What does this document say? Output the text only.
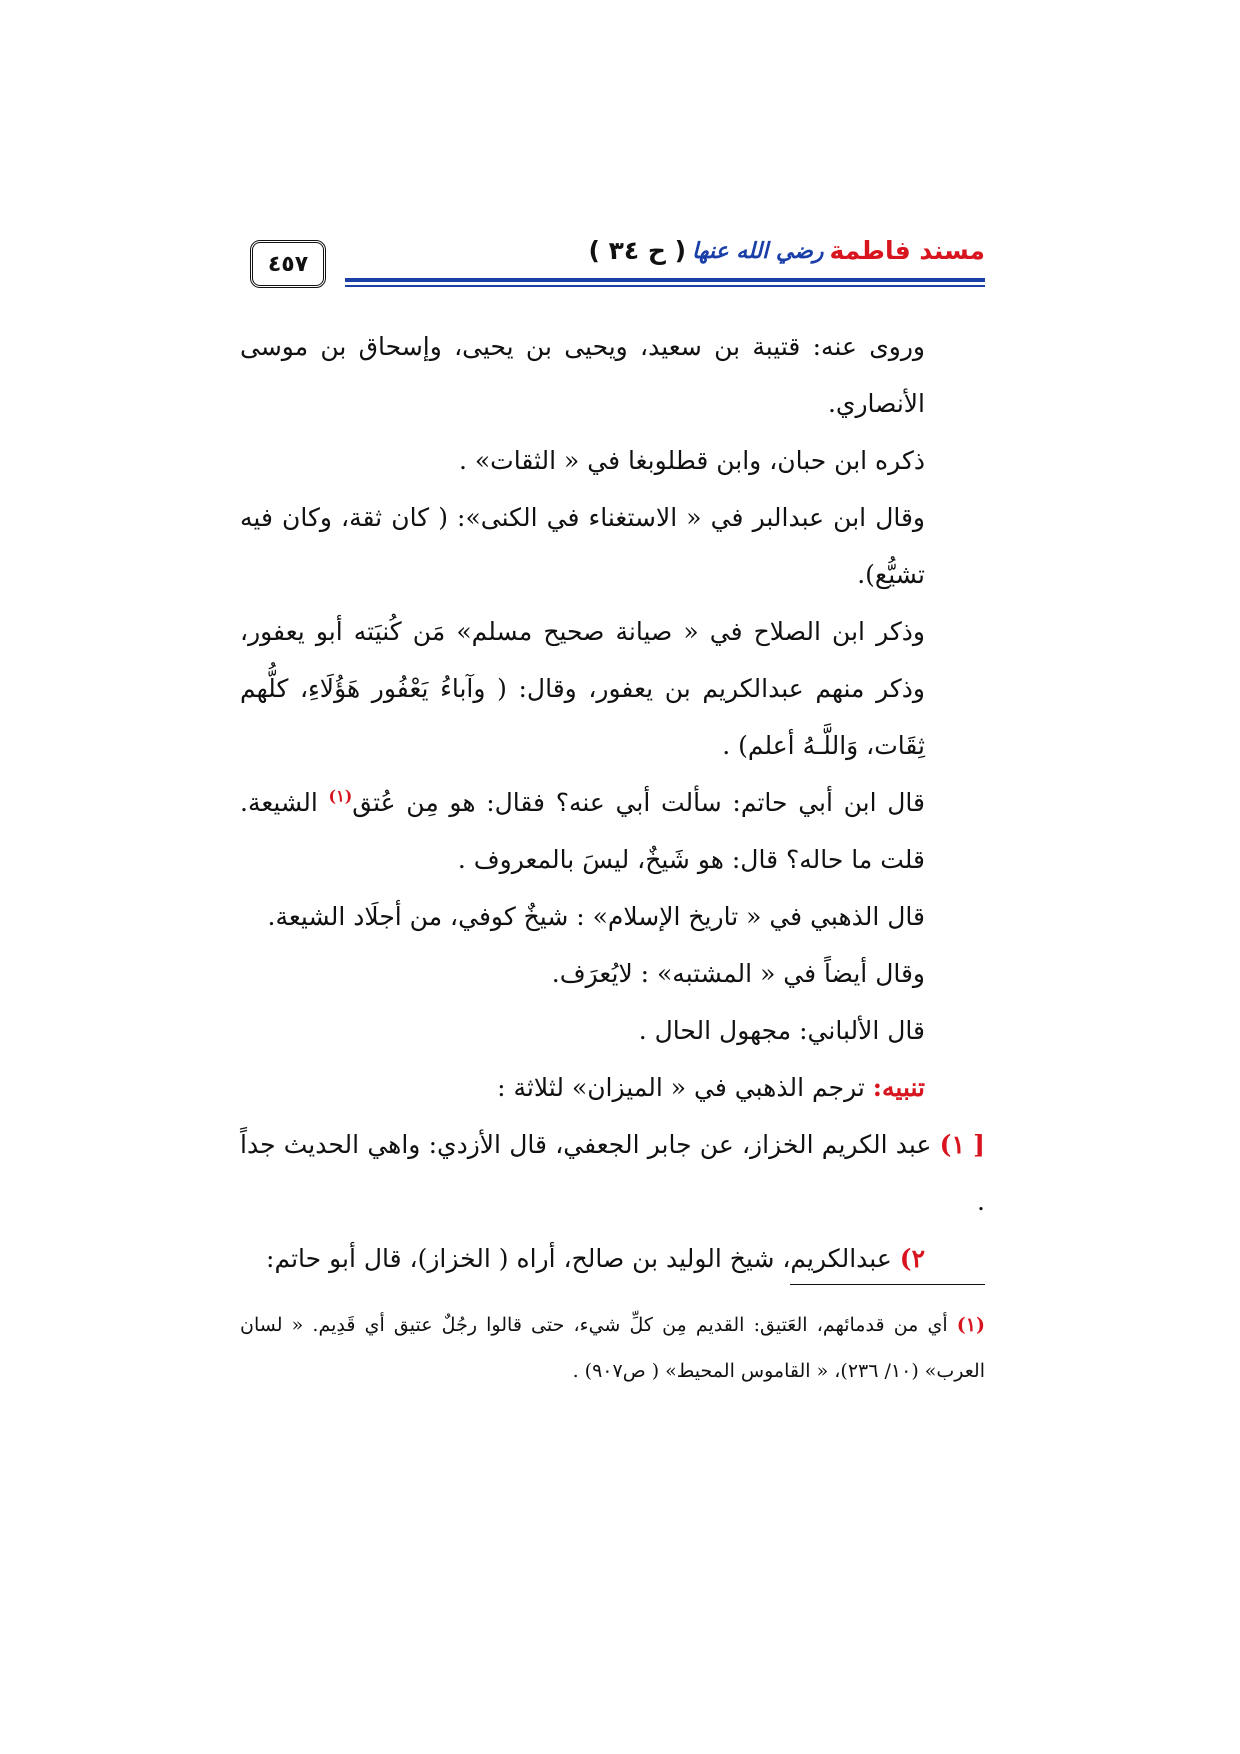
٤٥٧	مسند فاطمة
رضي الله عنها
( ح ٣٤ )

وروى عنه: قتيبة بن سعيد، ويحيى بن يحيى، وإسحاق بن موسى الأنصاري.

ذكره ابن حبان، وابن قطلوبغا في « الثقات» .

وقال ابن عبدالبر في « الاستغناء في الكنى»: ( كان ثقة، وكان فيه تشيُّع).

وذكر ابن الصلاح في « صيانة صحيح مسلم» مَن كُنيَته أبو يعفور، وذكر منهم عبدالكريم بن يعفور، وقال: ( وآباءُ يَعْفُور هَؤُلَاءِ، كلُّهم ثِقَات، وَاللَّـهُ أعلم) .

قال ابن أبي حاتم: سألت أبي عنه؟ فقال: هو مِن عُتق$^{(١)}$ الشيعة. قلت ما حاله؟ قال: هو شَيخٌ، ليسَ بالمعروف .

قال الذهبي في « تاريخ الإسلام» : شيخٌ كوفي، من أجلَاد الشيعة.

وقال أيضاً في « المشتبه» : لايُعرَف.

قال الألباني: مجهول الحال .

تنبيه: ترجم الذهبي في « الميزان» لثلاثة :

[ ١) عبد الكريم الخزاز، عن جابر الجعفي، قال الأزدي: واهي الحديث جداً .

٢) عبدالكريم، شيخ الوليد بن صالح، أراه ( الخزاز)، قال أبو حاتم:

(١) أي من قدمائهم، العَتيق: القديم مِن كلِّ شيء، حتى قالوا رجُلٌ عتيق أي قَدِيم. « لسان العرب» (١٠/ ٢٣٦)، « القاموس المحيط» ( ص٩٠٧) .
